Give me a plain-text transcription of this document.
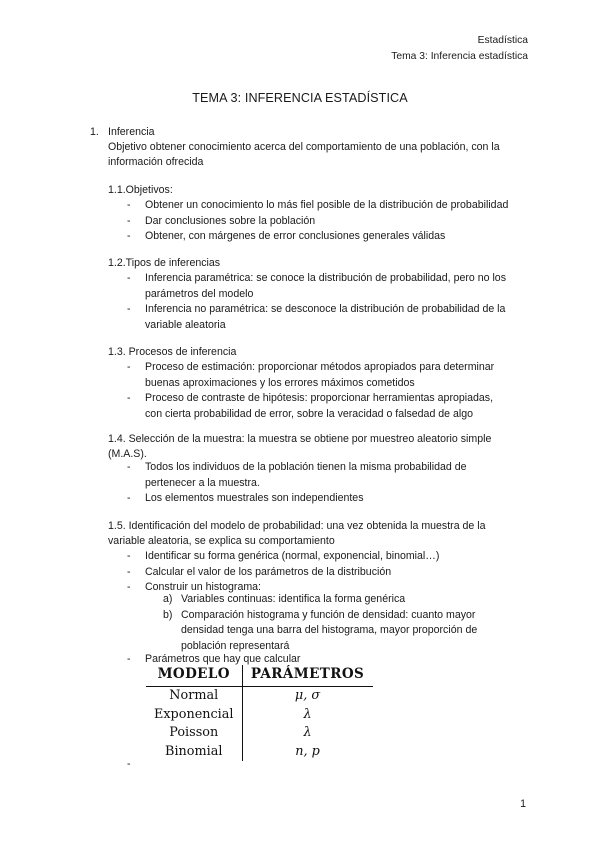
Estadística
Tema 3: Inferencia estadística
TEMA 3: INFERENCIA ESTADÍSTICA
1. Inferencia
Objetivo obtener conocimiento acerca del comportamiento de una población, con la
información ofrecida
1.1.Objetivos:
- Obtener un conocimiento lo más fiel posible de la distribución de probabilidad
- Dar conclusiones sobre la población
- Obtener, con márgenes de error conclusiones generales válidas
1.2.Tipos de inferencias
- Inferencia paramétrica: se conoce la distribución de probabilidad, pero no los
parámetros del modelo
- Inferencia no paramétrica: se desconoce la distribución de probabilidad de la
variable aleatoria
1.3. Procesos de inferencia
- Proceso de estimación: proporcionar métodos apropiados para determinar
buenas aproximaciones y los errores máximos cometidos
- Proceso de contraste de hipótesis: proporcionar herramientas apropiadas,
con cierta probabilidad de error, sobre la veracidad o falsedad de algo
1.4. Selección de la muestra: la muestra se obtiene por muestreo aleatorio simple
(M.A.S).
- Todos los individuos de la población tienen la misma probabilidad de
pertenecer a la muestra.
- Los elementos muestrales son independientes
1.5. Identificación del modelo de probabilidad: una vez obtenida la muestra de la
variable aleatoria, se explica su comportamiento
- Identificar su forma genérica (normal, exponencial, binomial…)
- Calcular el valor de los parámetros de la distribución
- Construir un histograma:
a) Variables continuas: identifica la forma genérica
b) Comparación histograma y función de densidad: cuanto mayor
densidad tenga una barra del histograma, mayor proporción de
población representará
- Parámetros que hay que calcular
MODELO	PARÁMETROS
Normal	μ, σ
Exponencial	λ
Poisson	λ
Binomial	n, p
1
